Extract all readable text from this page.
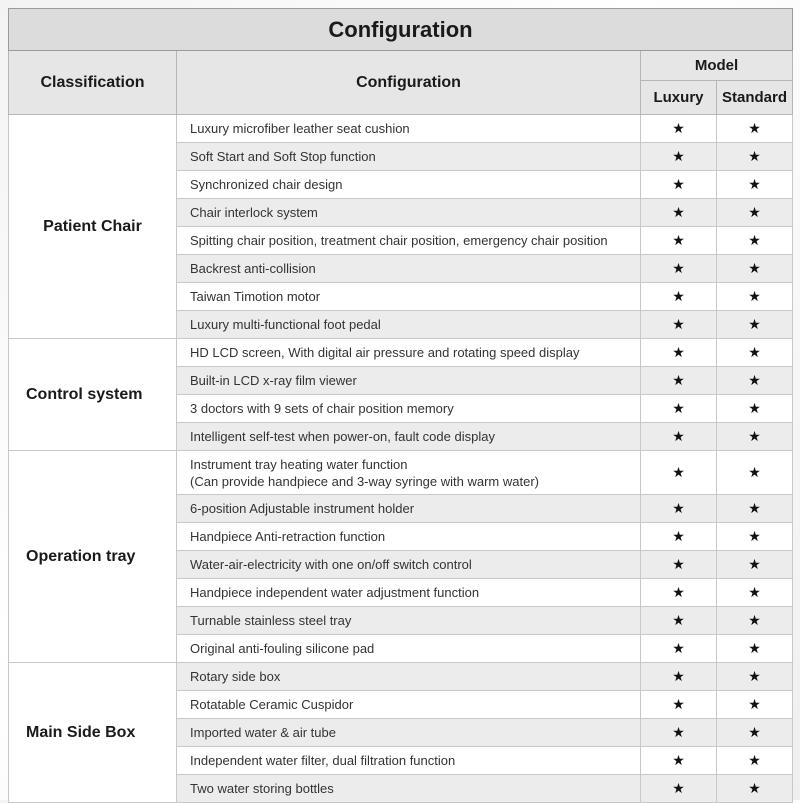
Configuration			
Classification	Configuration	Model	
		Luxury	Standard
Patient Chair	Luxury microfiber leather seat cushion	★	★

	Soft Start and Soft Stop function	★	★

	Synchronized chair design	★	★

	Chair interlock system	★	★

	Spitting chair position, treatment chair position, emergency chair position	★	★

	Backrest anti-collision	★	★

	Taiwan Timotion motor	★	★

	Luxury multi-functional foot pedal	★	★
Control system	HD LCD screen, With digital air pressure and rotating speed display	★	★

	Built-in LCD x-ray film viewer	★	★

	3 doctors with 9 sets of chair position memory	★	★

	Intelligent self-test when power-on, fault code display	★	★
Operation tray	Instrument tray heating water function
(Can provide handpiece and 3-way syringe with warm water)	★	★

	6-position Adjustable instrument holder	★	★

	Handpiece Anti-retraction function	★	★

	Water-air-electricity with one on/off switch control	★	★

	Handpiece independent water adjustment function	★	★

	Turnable stainless steel tray	★	★

	Original anti-fouling silicone pad	★	★
Main Side Box	Rotary side box	★	★

	Rotatable Ceramic Cuspidor	★	★

	Imported water & air tube	★	★

	Independent water filter, dual filtration function	★	★

	Two water storing bottles	★	★
